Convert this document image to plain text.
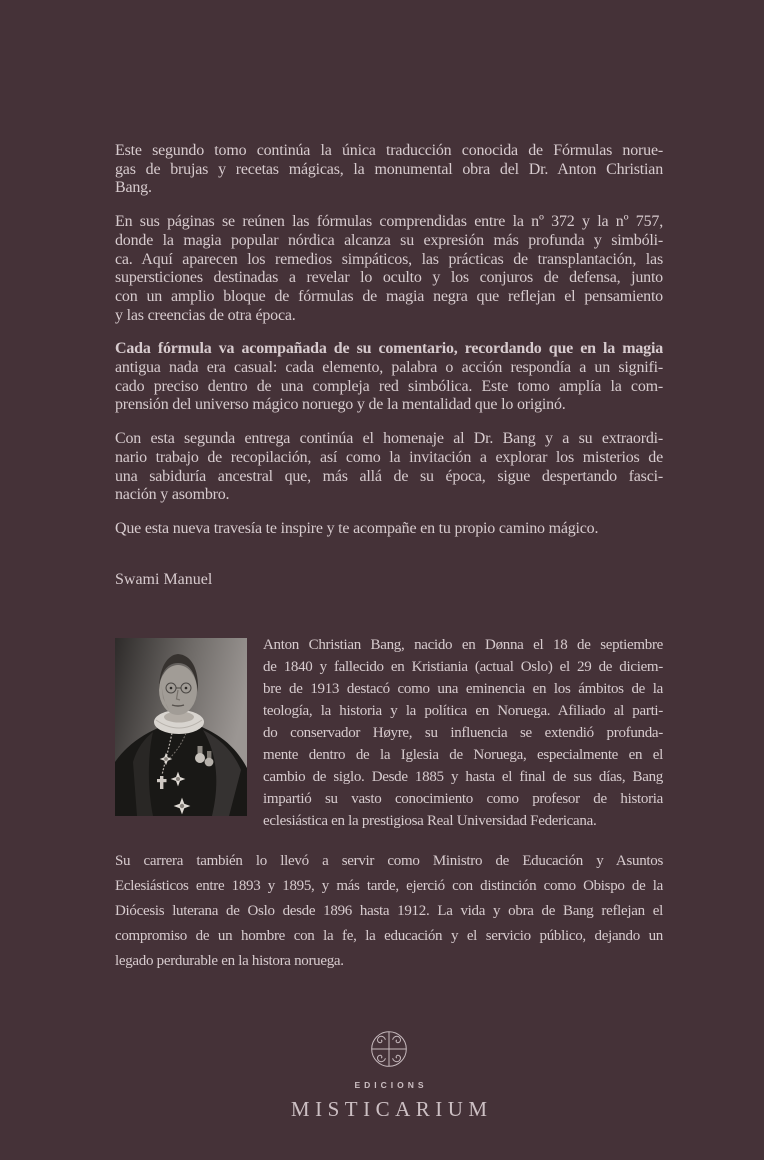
Este segundo tomo continúa la única traducción conocida de Fórmulas norue-
gas de brujas y recetas mágicas, la monumental obra del Dr. Anton Christian
Bang.
En sus páginas se reúnen las fórmulas comprendidas entre la nº 372 y la nº 757,
donde la magia popular nórdica alcanza su expresión más profunda y simbóli-
ca. Aquí aparecen los remedios simpáticos, las prácticas de transplantación, las
supersticiones destinadas a revelar lo oculto y los conjuros de defensa, junto
con un amplio bloque de fórmulas de magia negra que reflejan el pensamiento
y las creencias de otra época.
Cada fórmula va acompañada de su comentario, recordando que en la magia
antigua nada era casual: cada elemento, palabra o acción respondía a un signifi-
cado preciso dentro de una compleja red simbólica. Este tomo amplía la com-
prensión del universo mágico noruego y de la mentalidad que lo originó.
Con esta segunda entrega continúa el homenaje al Dr. Bang y a su extraordi-
nario trabajo de recopilación, así como la invitación a explorar los misterios de
una sabiduría ancestral que, más allá de su época, sigue despertando fasci-
nación y asombro.
Que esta nueva travesía te inspire y te acompañe en tu propio camino mágico.
Swami Manuel
Anton Christian Bang, nacido en Dønna el 18 de septiembre
de 1840 y fallecido en Kristiania (actual Oslo) el 29 de diciem-
bre de 1913 destacó como una eminencia en los ámbitos de la
teología, la historia y la política en Noruega. Afiliado al parti-
do conservador Høyre, su influencia se extendió profunda-
mente dentro de la Iglesia de Noruega, especialmente en el
cambio de siglo. Desde 1885 y hasta el final de sus días, Bang
impartió su vasto conocimiento como profesor de historia
eclesiástica en la prestigiosa Real Universidad Federicana.
Su carrera también lo llevó a servir como Ministro de Educación y Asuntos
Eclesiásticos entre 1893 y 1895, y más tarde, ejerció con distinción como Obispo de la
Diócesis luterana de Oslo desde 1896 hasta 1912. La vida y obra de Bang reflejan el
compromiso de un hombre con la fe, la educación y el servicio público, dejando un
legado perdurable en la histora noruega.
EDICIONS
MISTICARIUM
